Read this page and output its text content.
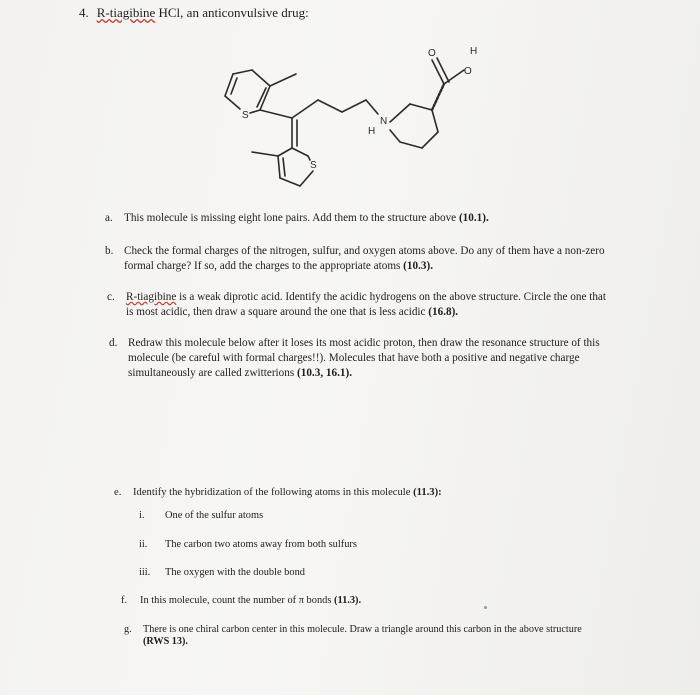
4. R-tiagibine HCl, an anticonvulsive drug:
S
S
N
H
O
O
H
a. This molecule is missing eight lone pairs. Add them to the structure above (10.1).
b. Check the formal charges of the nitrogen, sulfur, and oxygen atoms above. Do any of them have a non-zero
formal charge? If so, add the charges to the appropriate atoms (10.3).
c. R-tiagibine is a weak diprotic acid. Identify the acidic hydrogens on the above structure. Circle the one that
is most acidic, then draw a square around the one that is less acidic (16.8).
d. Redraw this molecule below after it loses its most acidic proton, then draw the resonance structure of this
molecule (be careful with formal charges!!). Molecules that have both a positive and negative charge
simultaneously are called zwitterions (10.3, 16.1).
e. Identify the hybridization of the following atoms in this molecule (11.3):
i. One of the sulfur atoms
ii. The carbon two atoms away from both sulfurs
iii. The oxygen with the double bond
f. In this molecule, count the number of π bonds (11.3).
g. There is one chiral carbon center in this molecule. Draw a triangle around this carbon in the above structure
(RWS 13).
